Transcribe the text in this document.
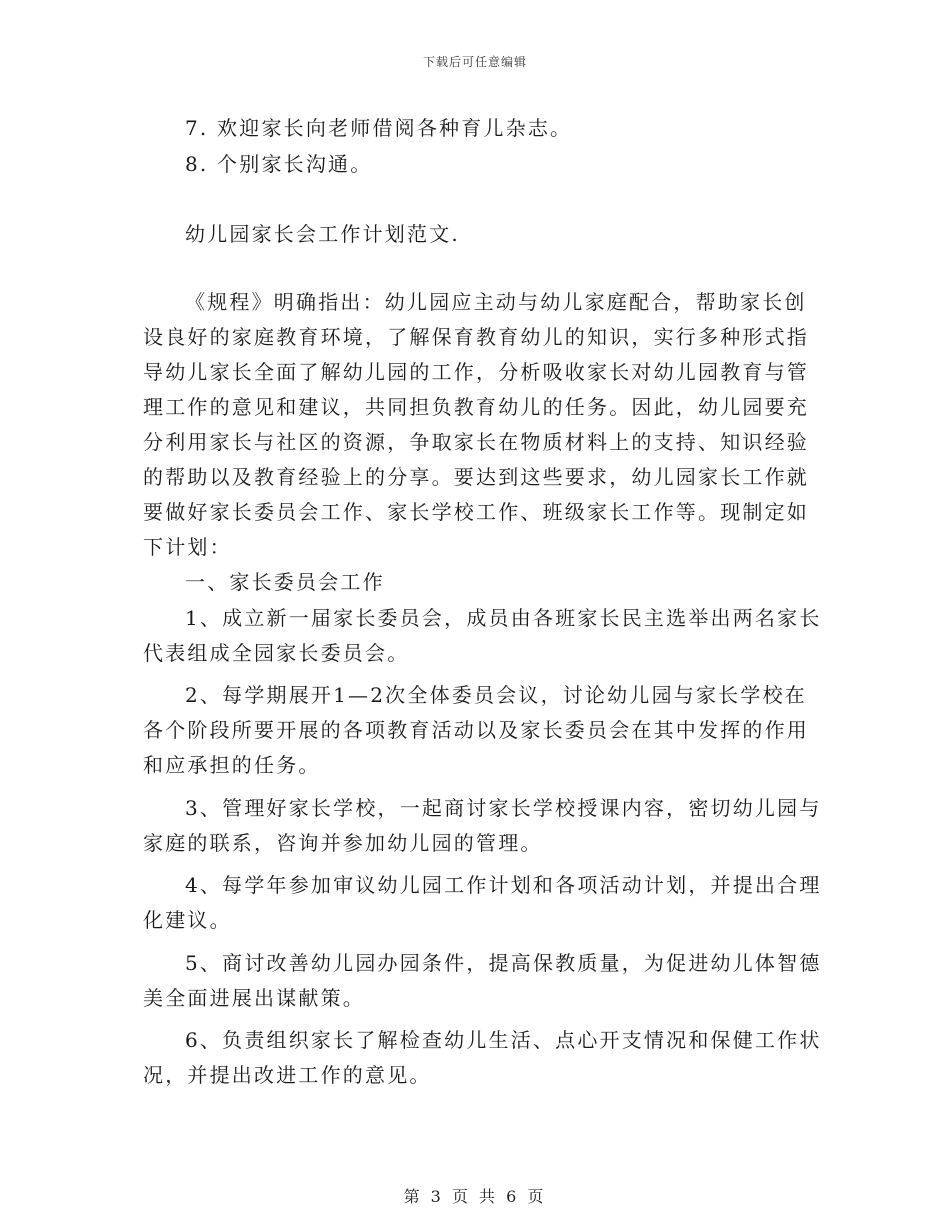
下载后可任意编辑
7. 欢迎家长向老师借阅各种育儿杂志。
8. 个别家长沟通。
幼儿园家长会工作计划范文.
《规程》明确指出：幼儿园应主动与幼儿家庭配合，帮助家长创
设良好的家庭教育环境，了解保育教育幼儿的知识，实行多种形式指
导幼儿家长全面了解幼儿园的工作，分析吸收家长对幼儿园教育与管
理工作的意见和建议，共同担负教育幼儿的任务。因此，幼儿园要充
分利用家长与社区的资源，争取家长在物质材料上的支持、知识经验
的帮助以及教育经验上的分享。要达到这些要求，幼儿园家长工作就
要做好家长委员会工作、家长学校工作、班级家长工作等。现制定如
下计划：
一、家长委员会工作
1、成立新一届家长委员会，成员由各班家长民主选举出两名家长
代表组成全园家长委员会。
2、每学期展开1—2次全体委员会议，讨论幼儿园与家长学校在
各个阶段所要开展的各项教育活动以及家长委员会在其中发挥的作用
和应承担的任务。
3、管理好家长学校，一起商讨家长学校授课内容，密切幼儿园与
家庭的联系，咨询并参加幼儿园的管理。
4、每学年参加审议幼儿园工作计划和各项活动计划，并提出合理
化建议。
5、商讨改善幼儿园办园条件，提高保教质量，为促进幼儿体智德
美全面进展出谋献策。
6、负责组织家长了解检查幼儿生活、点心开支情况和保健工作状
况，并提出改进工作的意见。
第 3 页 共 6 页
